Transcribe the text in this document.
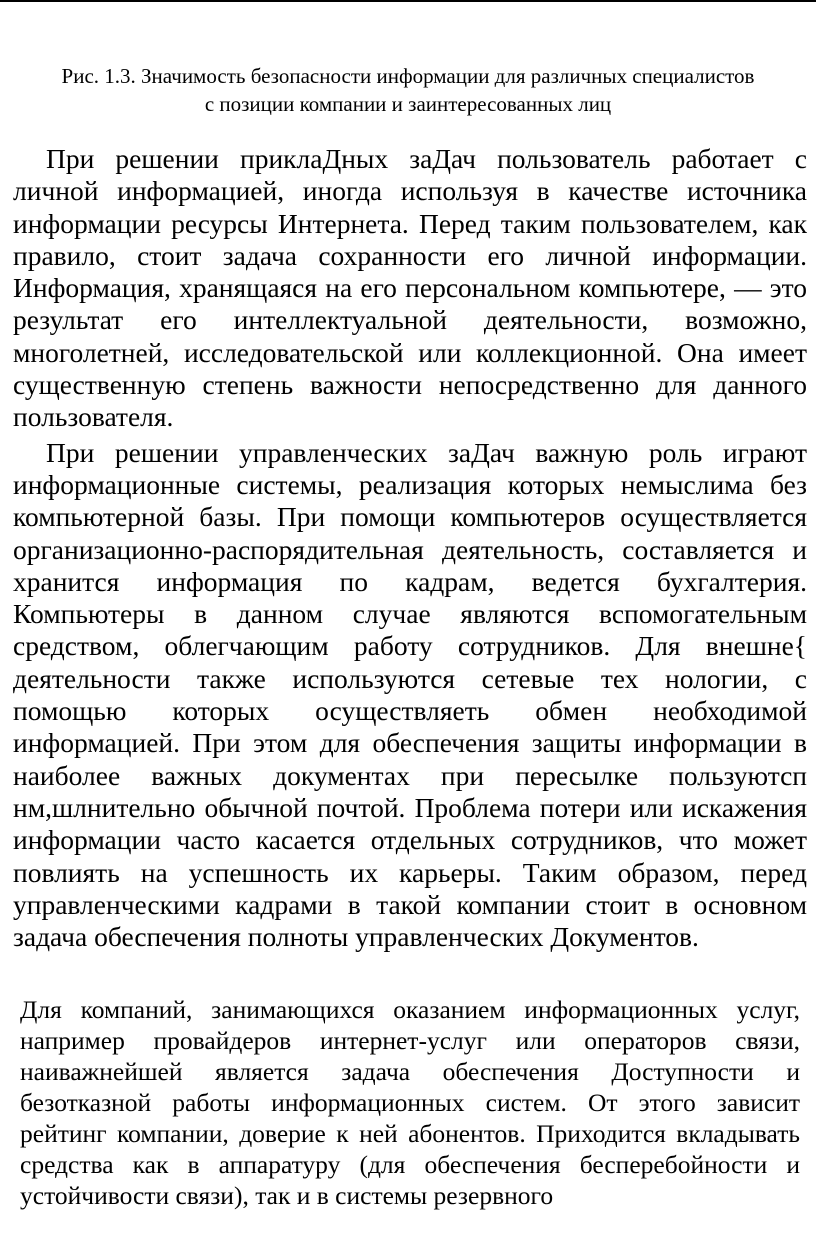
Рис. 1.3. Значимость безопасности информации для различных специалистов
с позиции компании и заинтересованных лиц

При решении приклаДных заДач пользователь работает с личной информацией, иногда используя в качестве источника информации ресурсы Интернета. Перед таким пользователем, как правило, стоит задача сохранности его личной информации. Информация, хранящаяся на его персональном компьютере, — это результат его интеллектуальной деятельности, возможно, многолетней, исследовательской или коллекционной. Она имеет существенную степень важности непосредственно для данного пользователя.

При решении управленческих заДач важную роль играют информационные системы, реализация которых немыслима без компьютерной базы. При помощи компьютеров осуществляется организационно-распорядительная деятельность, составляется и хранится информация по кадрам, ведется бухгалтерия. Компьютеры в данном случае являются вспомогательным средством, облегчающим работу сотрудников. Для внешне{ деятельности также используются сетевые тех нологии, с помощью которых осуществляеть обмен необходимой информацией. При этом для обеспечения защиты информации в наиболее важных документах при пересылке пользуютсп нм,шлнительно обычной почтой. Проблема потери или искажения информации часто касается отдельных сотрудников, что может повлиять на успешность их карьеры. Таким образом, перед управленческими кадрами в такой компании стоит в основном задача обеспечения полноты управленческих Документов.

Для компаний, занимающихся оказанием информационных услуг, например провайдеров интернет-услуг или операторов связи, наиважнейшей является задача обеспечения Доступности и безотказной работы информационных систем. От этого зависит рейтинг компании, доверие к ней абонентов. Приходится вкладывать средства как в аппаратуру (для обеспечения бесперебойности и устойчивости связи), так и в системы резервного
